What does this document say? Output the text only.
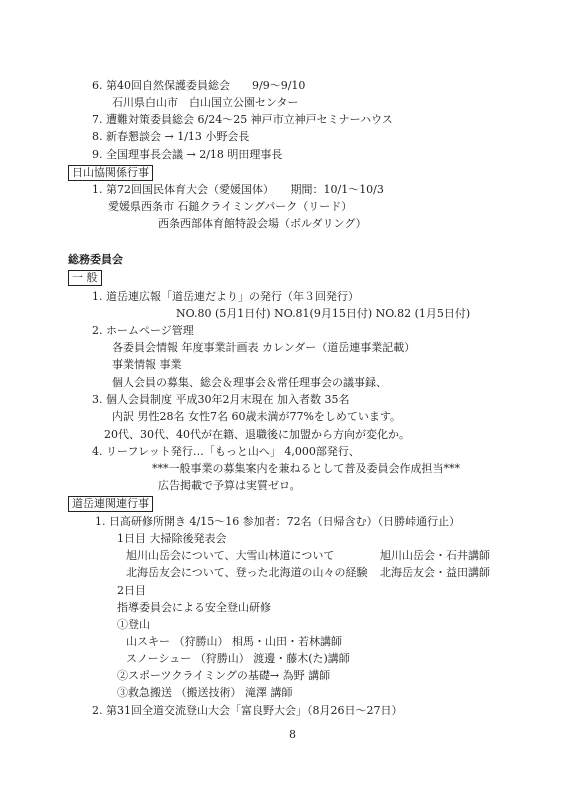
6. 第40回自然保護委員総会　　9/9～9/10
石川県白山市　白山国立公園センター
7. 遭難対策委員総会 6/24～25 神戸市立神戸セミナーハウス
8. 新春懇談会 → 1/13 小野会長
9. 全国理事長会議 → 2/18 明田理事長
日山協関係行事
1. 第72回国民体育大会（愛媛国体）　　期間：10/1～10/3
愛媛県西条市 石鎚クライミングパーク（リード）
西条西部体育館特設会場（ボルダリング）
総務委員会
一 般
1. 道岳連広報「道岳連だより」の発行（年３回発行）
NO.80 (5月1日付) NO.81(9月15日付) NO.82 (1月5日付)
2. ホームページ管理
各委員会情報 年度事業計画表 カレンダー（道岳連事業記載）
事業情報 事業
個人会員の募集、総会＆理事会＆常任理事会の議事録、
3. 個人会員制度 平成30年2月末現在 加入者数 35名
内訳 男性28名 女性7名 60歳未満が77%をしめています。
20代、30代、40代が在籍、退職後に加盟から方向が変化か。
4. リーフレット発行…「もっと山へ」 4,000部発行、
***一般事業の募集案内を兼ねるとして普及委員会作成担当***
広告掲載で予算は実質ゼロ。
道岳連関連行事
1. 日高研修所開き 4/15～16 参加者：72名（日帰含む）（日勝峠通行止）
1日目 大掃除後発表会
旭川山岳会について、大雪山林道について	旭川山岳会・石井講師
北海岳友会について、登った北海道の山々の経験 北海岳友会・益田講師
2日目
指導委員会による安全登山研修
①登山
山スキー （狩勝山） 相馬・山田・若林講師
スノーシュー （狩勝山） 渡邊・藤木(た)講師
②スポーツクライミングの基礎→ 為野 講師
③救急搬送 （搬送技術） 滝澤 講師
2. 第31回全道交流登山大会「富良野大会」（8月26日～27日）
8
